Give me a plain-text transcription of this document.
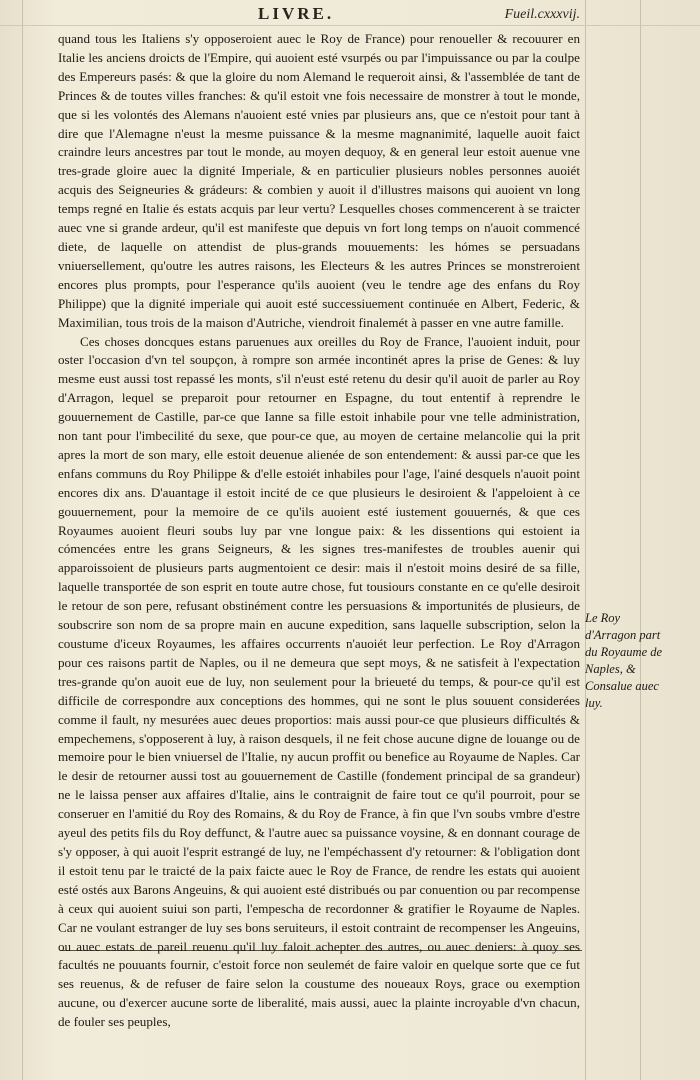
LIVRE.	Fueil.cxxxvij.

quand tous les Italiens s'y opposeroient auec le Roy de France) pour renoueller & recouurer en Italie les anciens droicts de l'Empire, qui auoient esté vsurpés ou par l'impuissance ou par la coulpe des Empereurs pasés: & que la gloire du nom Alemand le requeroit ainsi, & l'assemblée de tant de Princes & de toutes villes franches: & qu'il estoit vne fois necessaire de monstrer à tout le monde, que si les volontés des Alemans n'auoient esté vnies par plusieurs ans, que ce n'estoit pour tant à dire que l'Alemagne n'eust la mesme puissance & la mesme magnanimité, laquelle auoit faict craindre leurs ancestres par tout le monde, au moyen dequoy, & en general leur estoit auenue vne tres-grade gloire auec la dignité Imperiale, & en particulier plusieurs nobles personnes auoiét acquis des Seigneuries & grádeurs: & combien y auoit il d'illustres maisons qui auoient vn long temps regné en Italie és estats acquis par leur vertu? Lesquelles choses commencerent à se traicter auec vne si grande ardeur, qu'il est manifeste que depuis vn fort long temps on n'auoit commencé diete, de laquelle on attendist de plus-grands mouuements: les hómes se persuadans vniuersellement, qu'outre les autres raisons, les Electeurs & les autres Princes se monstreroient encores plus prompts, pour l'esperance qu'ils auoient (veu le tendre age des enfans du Roy Philippe) que la dignité imperiale qui auoit esté successiuement continuée en Albert, Federic, & Maximilian, tous trois de la maison d'Autriche, viendroit finalemét à passer en vne autre famille.

Ces choses doncques estans paruenues aux oreilles du Roy de France, l'auoient induit, pour oster l'occasion d'vn tel soupçon, à rompre son armée incontinét apres la prise de Genes: & luy mesme eust aussi tost repassé les monts, s'il n'eust esté retenu du desir qu'il auoit de parler au Roy d'Arragon, lequel se preparoit pour retourner en Espagne, du tout ententif à reprendre le gouuernement de Castille, par-ce que Ianne sa fille estoit inhabile pour vne telle administration, non tant pour l'imbecilité du sexe, que pour-ce que, au moyen de certaine melancolie qui la prit apres la mort de son mary, elle estoit deuenue alienée de son entendement: & aussi par-ce que les enfans communs du Roy Philippe & d'elle estoiét inhabiles pour l'age, l'ainé desquels n'auoit point encores dix ans. D'auantage il estoit incité de ce que plusieurs le desiroient & l'appeloient à ce gouuernement, pour la memoire de ce qu'ils auoient esté iustement gouuernés, & que ces Royaumes auoient fleuri soubs luy par vne longue paix: & les dissentions qui estoient ia cómencées entre les grans Seigneurs, & les signes tres-manifestes de troubles auenir qui apparoissoient de plusieurs parts augmentoient ce desir: mais il n'estoit moins desiré de sa fille, laquelle transportée de son esprit en toute autre chose, fut tousiours constante en ce qu'elle desiroit le retour de son pere, refusant obstinément contre les persuasions & importunités de plusieurs, de soubscrire son nom de sa propre main en aucune expedition, sans laquelle subscription, selon la coustume d'iceux Royaumes, les affaires occurrents n'auoiét leur perfection. Le Roy d'Arragon pour ces raisons partit de Naples, ou il ne demeura que sept moys, & ne satisfeit à l'expectation tres-grande qu'on auoit eue de luy, non seulement pour la brieueté du temps, & pour-ce qu'il est difficile de correspondre aux conceptions des hommes, qui ne sont le plus souuent considerées comme il fault, ny mesurées auec deues proportios: mais aussi pour-ce que plusieurs difficultés & empechemens, s'opposerent à luy, à raison desquels, il ne feit chose aucune digne de louange ou de memoire pour le bien vniuersel de l'Italie, ny aucun proffit ou benefice au Royaume de Naples. Car le desir de retourner aussi tost au gouuernement de Castille (fondement principal de sa grandeur) ne le laissa penser aux affaires d'Italie, ains le contraignit de faire tout ce qu'il pourroit, pour se conseruer en l'amitié du Roy des Romains, & du Roy de France, à fin que l'vn soubs vmbre d'estre ayeul des petits fils du Roy deffunct, & l'autre auec sa puissance voysine, & en donnant courage de s'y opposer, à qui auoit l'esprit estrangé de luy, ne l'empéchassent d'y retourner: & l'obligation dont il estoit tenu par le traicté de la paix faicte auec le Roy de France, de rendre les estats qui auoient esté ostés aux Barons Angeuins, & qui auoient esté distribués ou par conuention ou par recompense à ceux qui auoient suiui son parti, l'empescha de recordonner & gratifier le Royaume de Naples. Car ne voulant estranger de luy ses bons seruiteurs, il estoit contraint de recompenser les Angeuins, ou auec estats de pareil reuenu qu'il luy faloit achepter des autres, ou auec deniers: à quoy ses facultés ne pouuants fournir, c'estoit force non seulemét de faire valoir en quelque sorte que ce fut ses reuenus, & de refuser de faire selon la coustume des noueaux Roys, grace ou exemption aucune, ou d'exercer aucune sorte de liberalité, mais aussi, auec la plainte incroyable d'vn chacun, de fouler ses peuples,

Le Roy d'Arragon part du Royaume de Naples, & Consalue auec luy.
